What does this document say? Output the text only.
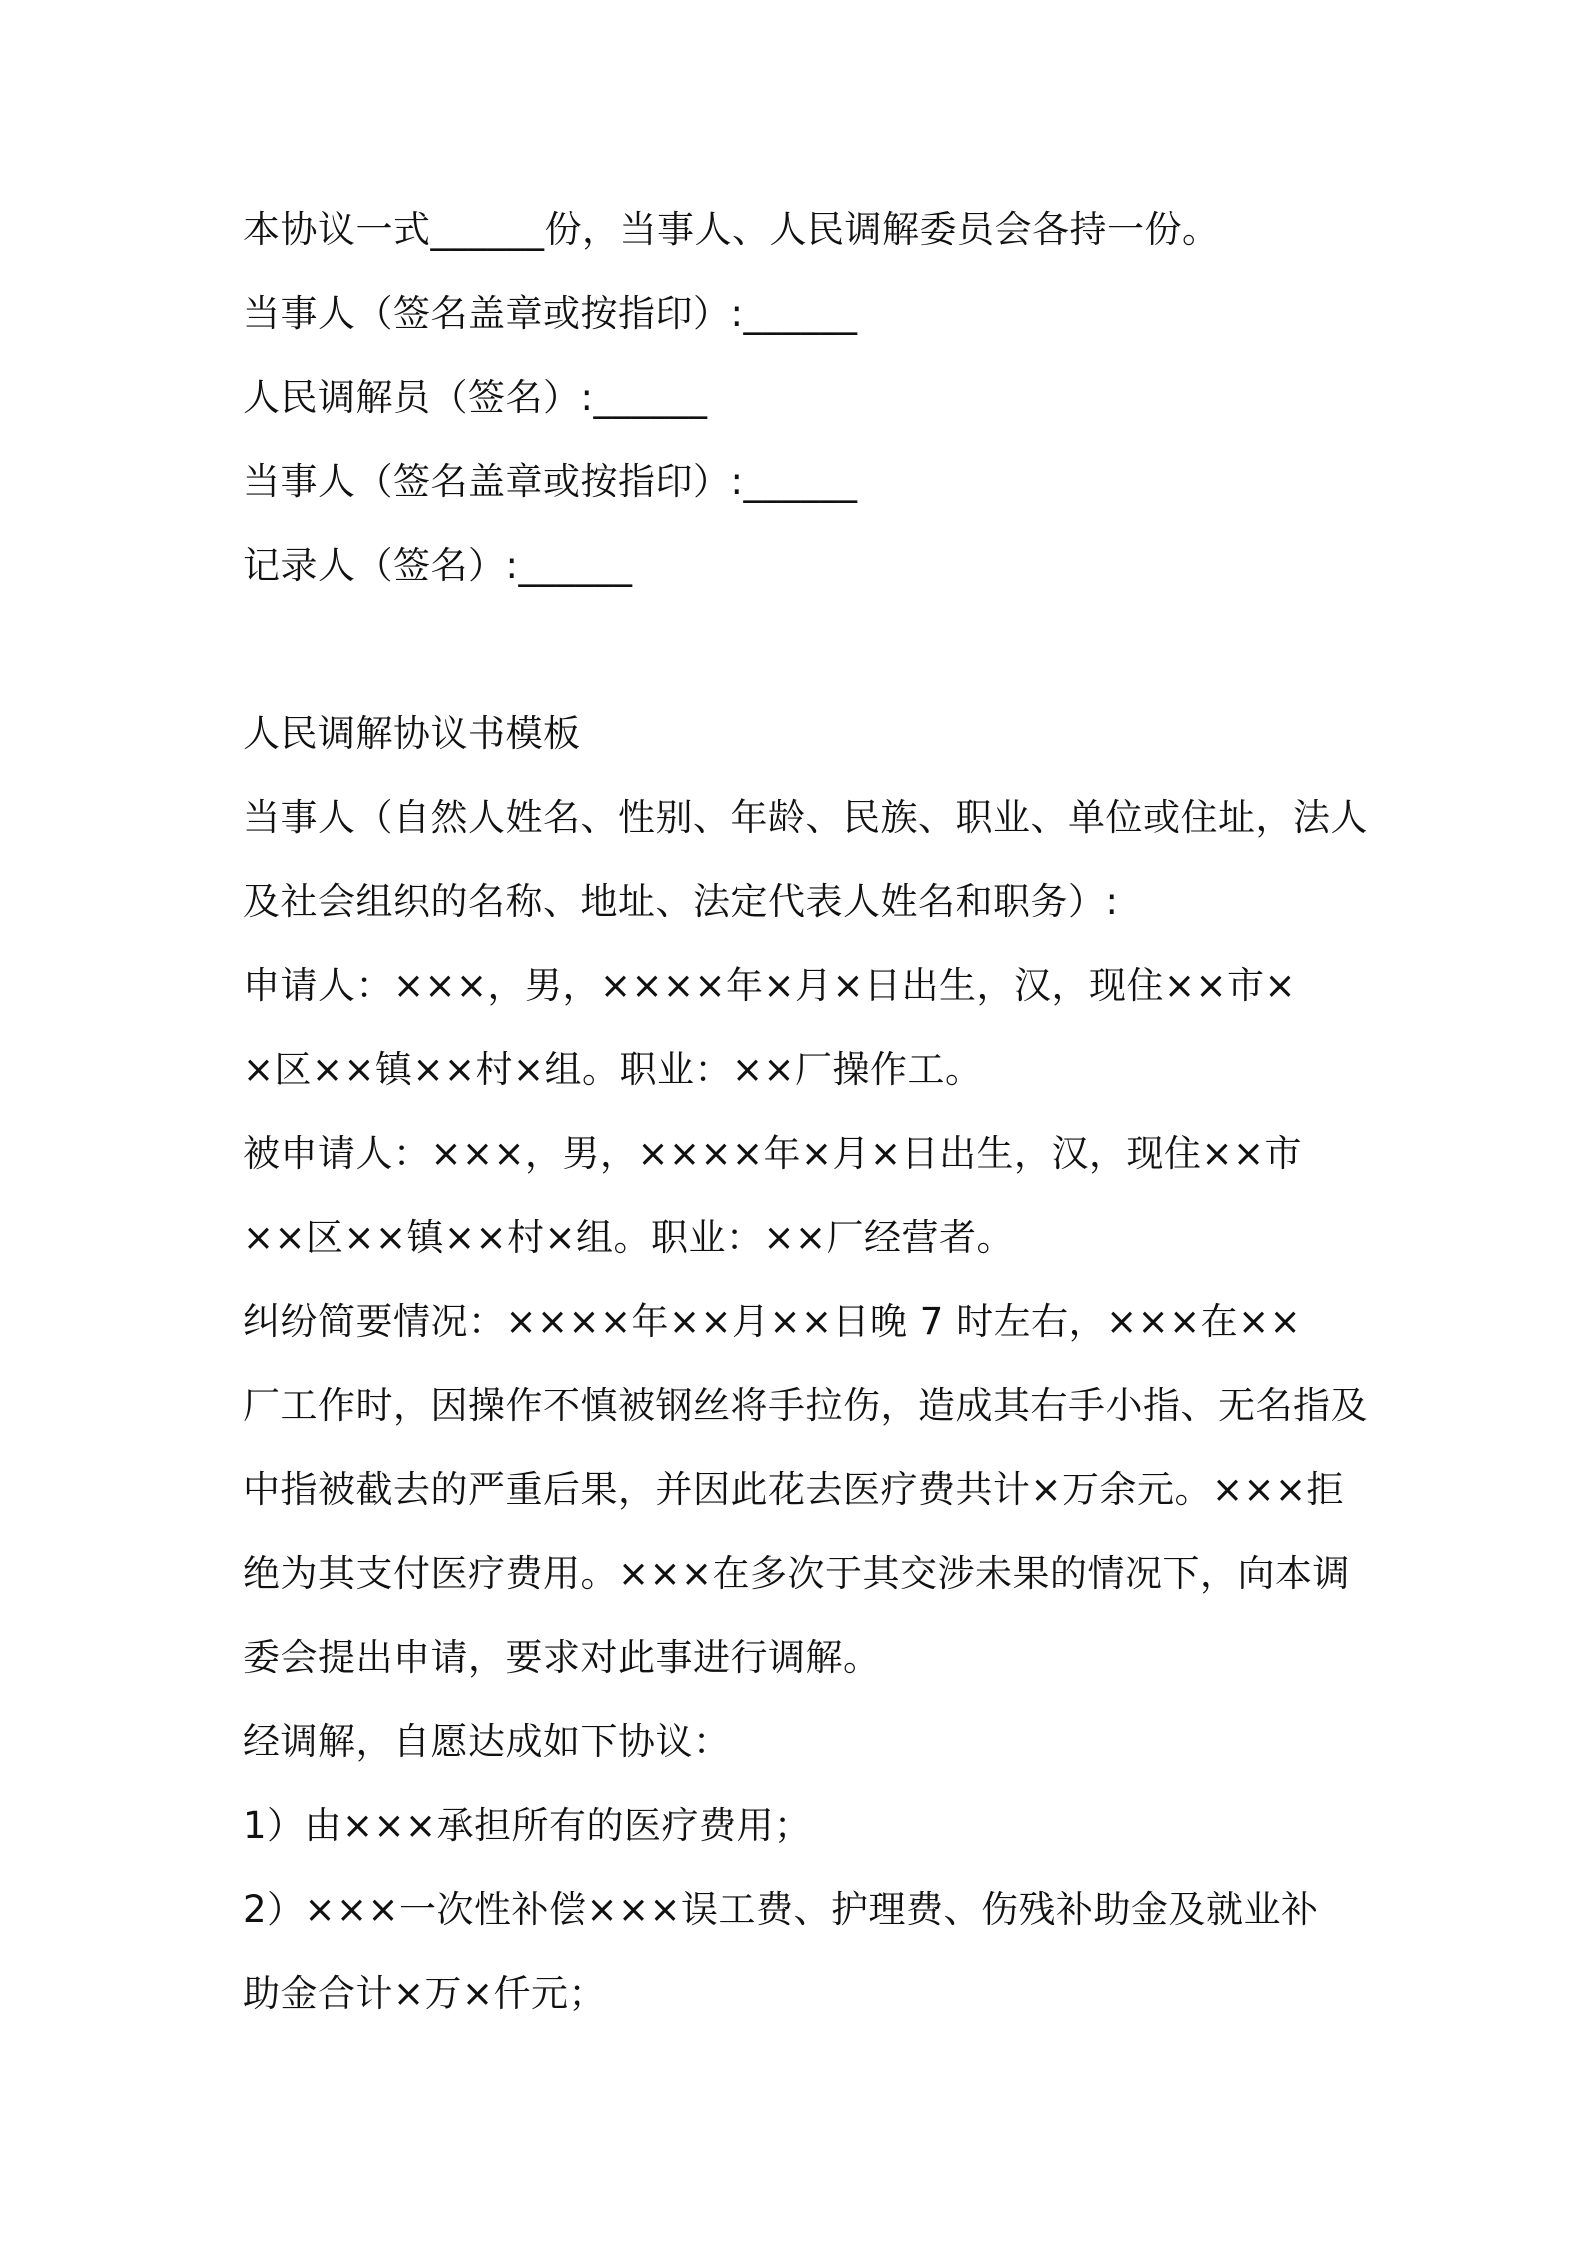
本协议一式______份，当事人、人民调解委员会各持一份。
当事人（签名盖章或按指印）:______
人民调解员（签名）:______
当事人（签名盖章或按指印）:______
记录人（签名）:______
人民调解协议书模板
当事人（自然人姓名、性别、年龄、民族、职业、单位或住址，法人
及社会组织的名称、地址、法定代表人姓名和职务）:
申请人：×××，男，××××年×月×日出生，汉，现住××市×
×区××镇××村×组。职业：××厂操作工。
被申请人：×××，男，××××年×月×日出生，汉，现住××市
××区××镇××村×组。职业：××厂经营者。
纠纷简要情况：××××年××月××日晚 7 时左右，×××在××
厂工作时，因操作不慎被钢丝将手拉伤，造成其右手小指、无名指及
中指被截去的严重后果，并因此花去医疗费共计×万余元。×××拒
绝为其支付医疗费用。×××在多次于其交涉未果的情况下，向本调
委会提出申请，要求对此事进行调解。
经调解，自愿达成如下协议：
1）由×××承担所有的医疗费用；
2）×××一次性补偿×××误工费、护理费、伤残补助金及就业补
助金合计×万×仟元；
